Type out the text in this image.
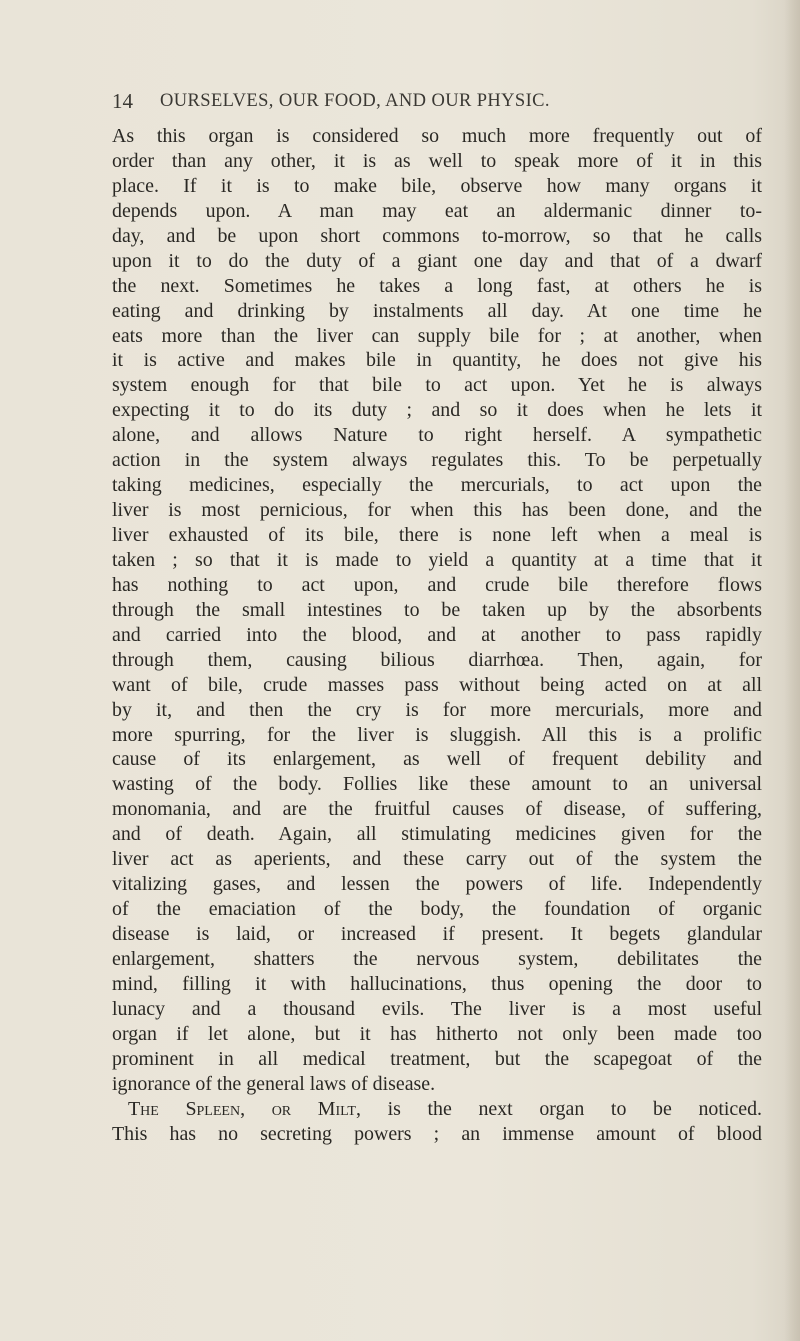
14 OURSELVES, OUR FOOD, AND OUR PHYSIC.
As this organ is considered so much more frequently out of
order than any other, it is as well to speak more of it in this
place. If it is to make bile, observe how many organs it
depends upon. A man may eat an aldermanic dinner to-
day, and be upon short commons to-morrow, so that he calls
upon it to do the duty of a giant one day and that of a dwarf
the next. Sometimes he takes a long fast, at others he is
eating and drinking by instalments all day. At one time he
eats more than the liver can supply bile for ; at another, when
it is active and makes bile in quantity, he does not give his
system enough for that bile to act upon. Yet he is always
expecting it to do its duty ; and so it does when he lets it
alone, and allows Nature to right herself. A sympathetic
action in the system always regulates this. To be perpetually
taking medicines, especially the mercurials, to act upon the
liver is most pernicious, for when this has been done, and the
liver exhausted of its bile, there is none left when a meal is
taken ; so that it is made to yield a quantity at a time that it
has nothing to act upon, and crude bile therefore flows
through the small intestines to be taken up by the absorbents
and carried into the blood, and at another to pass rapidly
through them, causing bilious diarrhœa. Then, again, for
want of bile, crude masses pass without being acted on at all
by it, and then the cry is for more mercurials, more and
more spurring, for the liver is sluggish. All this is a prolific
cause of its enlargement, as well of frequent debility and
wasting of the body. Follies like these amount to an universal
monomania, and are the fruitful causes of disease, of suffering,
and of death. Again, all stimulating medicines given for the
liver act as aperients, and these carry out of the system the
vitalizing gases, and lessen the powers of life. Independently
of the emaciation of the body, the foundation of organic
disease is laid, or increased if present. It begets glandular
enlargement, shatters the nervous system, debilitates the
mind, filling it with hallucinations, thus opening the door to
lunacy and a thousand evils. The liver is a most useful
organ if let alone, but it has hitherto not only been made too
prominent in all medical treatment, but the scapegoat of the
ignorance of the general laws of disease.
The Spleen, or Milt, is the next organ to be noticed.
This has no secreting powers ; an immense amount of blood
